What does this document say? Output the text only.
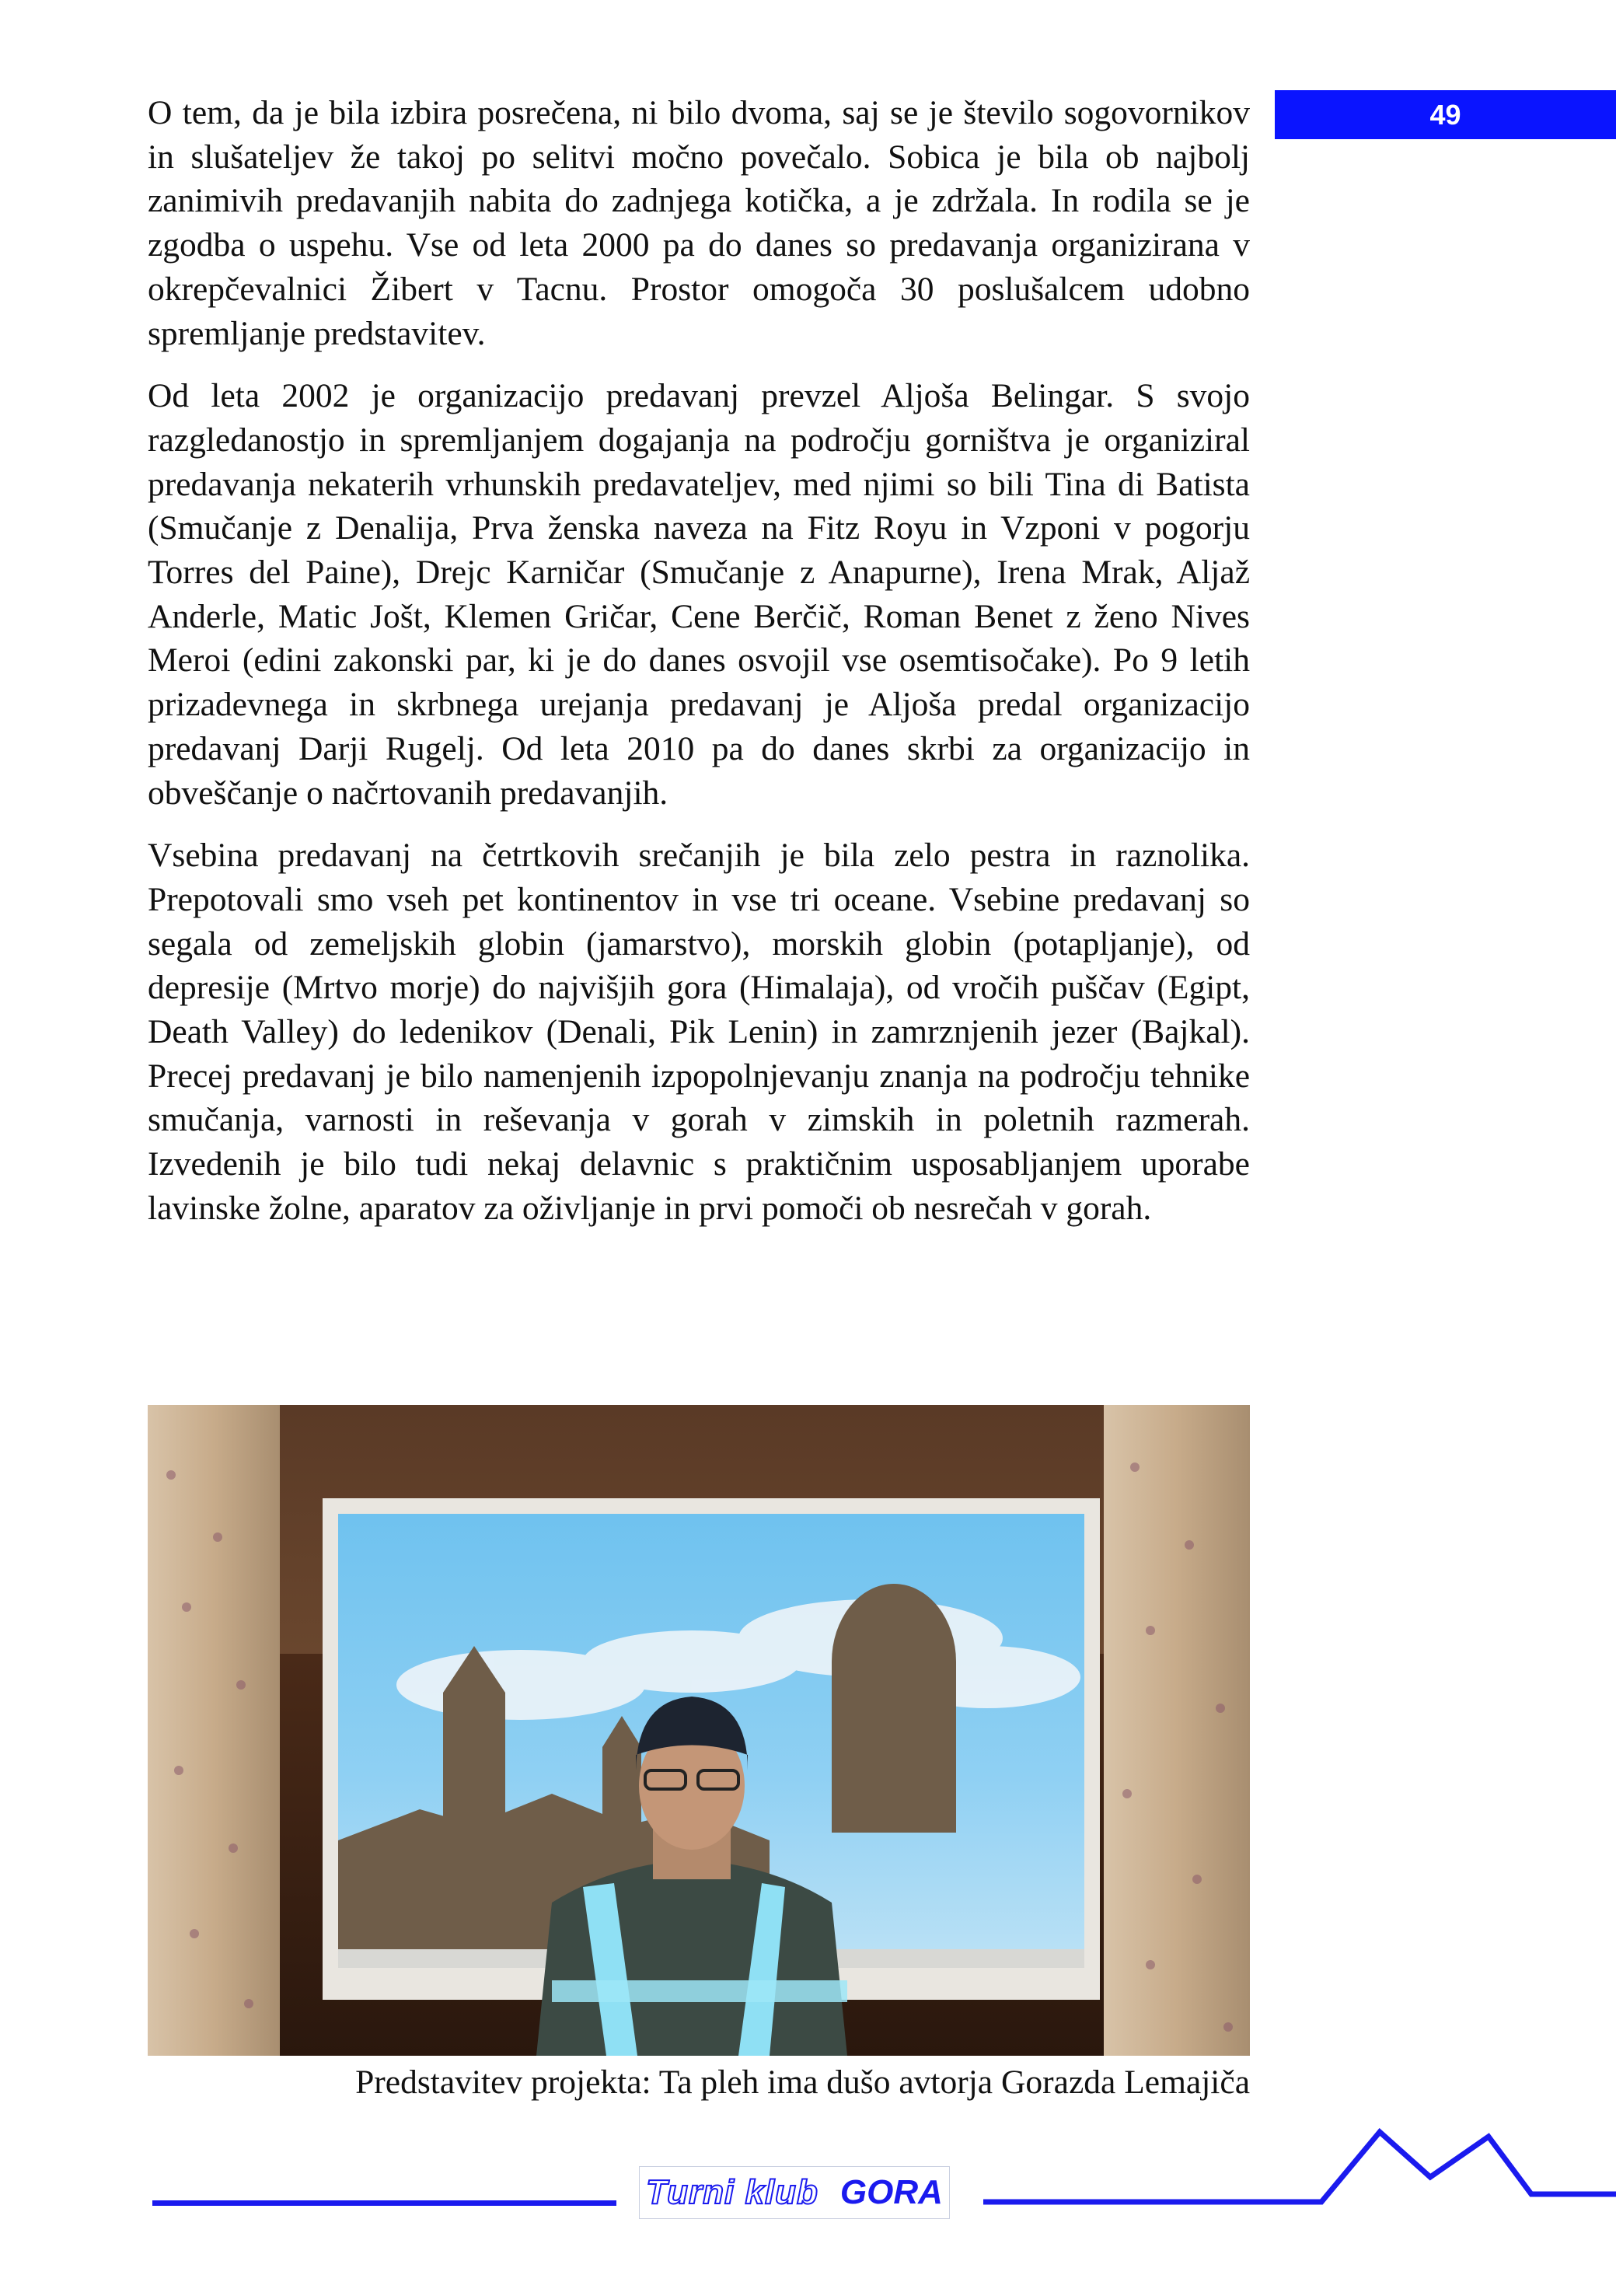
49

O tem, da je bila izbira posrečena, ni bilo dvoma, saj se je število sogovornikov in slušateljev že takoj po selitvi močno povečalo. Sobica je bila ob najbolj zanimivih predavanjih nabita do zadnjega kotička, a je zdržala. In rodila se je zgodba o uspehu. Vse od leta 2000 pa do danes so predavanja organizirana v okrepčevalnici Žibert v Tacnu. Prostor omogoča 30 poslušalcem udobno spremljanje predstavitev.

Od leta 2002 je organizacijo predavanj prevzel Aljoša Belingar. S svojo razgledanostjo in spremljanjem dogajanja na področju gorništva je organiziral predavanja nekaterih vrhunskih predavateljev, med njimi so bili Tina di Batista (Smučanje z Denalija, Prva ženska naveza na Fitz Royu in Vzponi v pogorju Torres del Paine), Drejc Karničar (Smučanje z Anapurne), Irena Mrak, Aljaž Anderle, Matic Jošt, Klemen Gričar, Cene Berčič, Roman Benet z ženo Nives Meroi (edini zakonski par, ki je do danes osvojil vse osemtisočake). Po 9 letih prizadevnega in skrbnega urejanja predavanj je Aljoša predal organizacijo predavanj Darji Rugelj. Od leta 2010 pa do danes skrbi za organizacijo in obveščanje o načrtovanih predavanjih.

Vsebina predavanj na četrtkovih srečanjih je bila zelo pestra in raznolika. Prepotovali smo vseh pet kontinentov in vse tri oceane. Vsebine predavanj so segala od zemeljskih globin (jamarstvo), morskih globin (potapljanje), od depresije (Mrtvo morje) do najvišjih gora (Himalaja), od vročih puščav (Egipt, Death Valley) do ledenikov (Denali, Pik Lenin) in zamrznjenih jezer (Bajkal). Precej predavanj je bilo namenjenih izpopolnjevanju znanja na področju tehnike smučanja, varnosti in reševanja v gorah v zimskih in poletnih razmerah. Izvedenih je bilo tudi nekaj delavnic s praktičnim usposabljanjem uporabe lavinske žolne, aparatov za oživljanje in prvi pomoči ob nesrečah v gorah.

Predstavitev projekta: Ta pleh ima dušo avtorja Gorazda Lemajiča
Turni klub GORA
